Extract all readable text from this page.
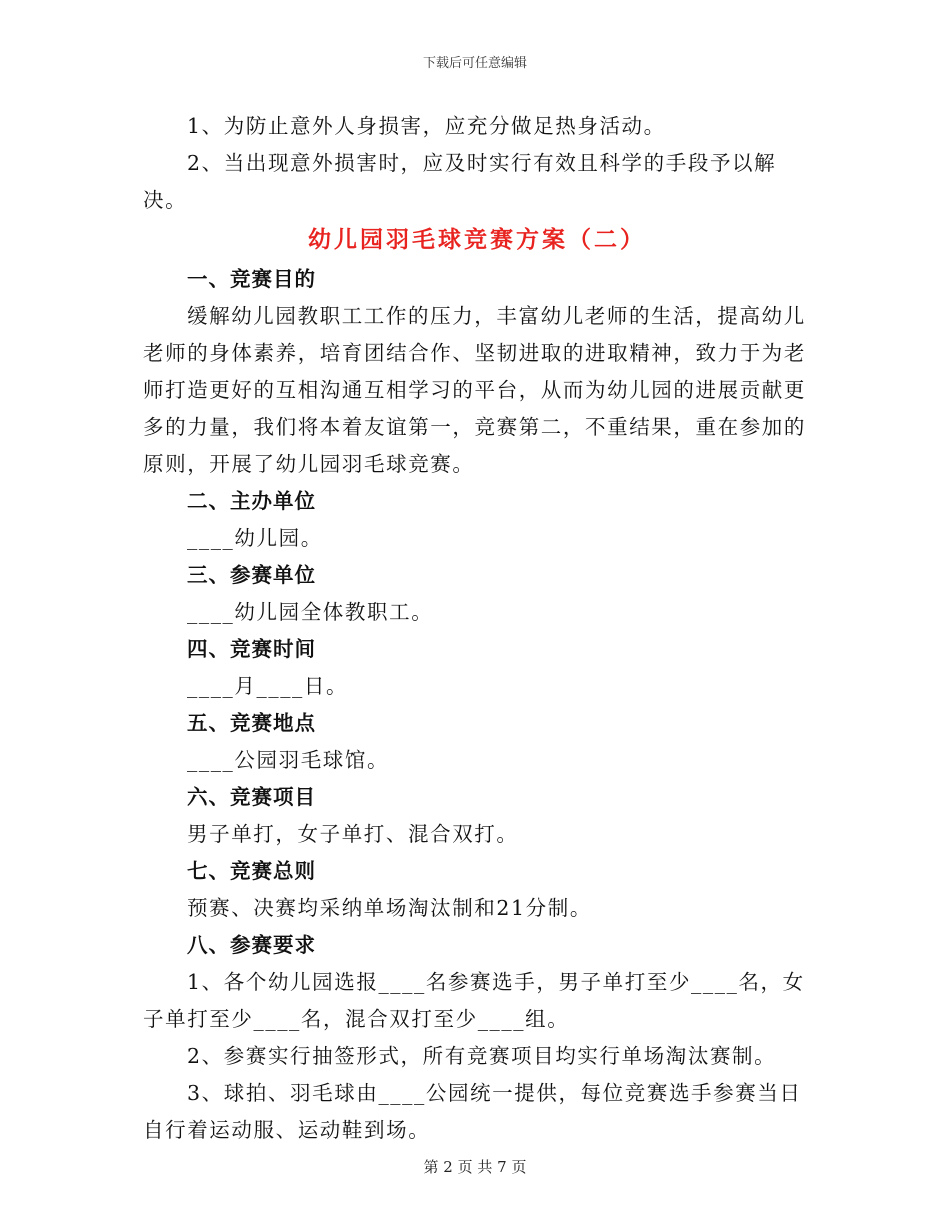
下载后可任意编辑

1、为防止意外人身损害，应充分做足热身活动。

2、当出现意外损害时，应及时实行有效且科学的手段予以解决。

幼儿园羽毛球竞赛方案（二）

一、竞赛目的

缓解幼儿园教职工工作的压力，丰富幼儿老师的生活，提高幼儿老师的身体素养，培育团结合作、坚韧进取的进取精神，致力于为老师打造更好的互相沟通互相学习的平台，从而为幼儿园的进展贡献更多的力量，我们将本着友谊第一，竞赛第二，不重结果，重在参加的原则，开展了幼儿园羽毛球竞赛。

二、主办单位

____幼儿园。

三、参赛单位

____幼儿园全体教职工。

四、竞赛时间

____月____日。

五、竞赛地点

____公园羽毛球馆。

六、竞赛项目

男子单打，女子单打、混合双打。

七、竞赛总则

预赛、决赛均采纳单场淘汰制和21分制。

八、参赛要求

1、各个幼儿园选报____名参赛选手，男子单打至少____名，女子单打至少____名，混合双打至少____组。

2、参赛实行抽签形式，所有竞赛项目均实行单场淘汰赛制。

3、球拍、羽毛球由____公园统一提供，每位竞赛选手参赛当日自行着运动服、运动鞋到场。

第 2 页 共 7 页
